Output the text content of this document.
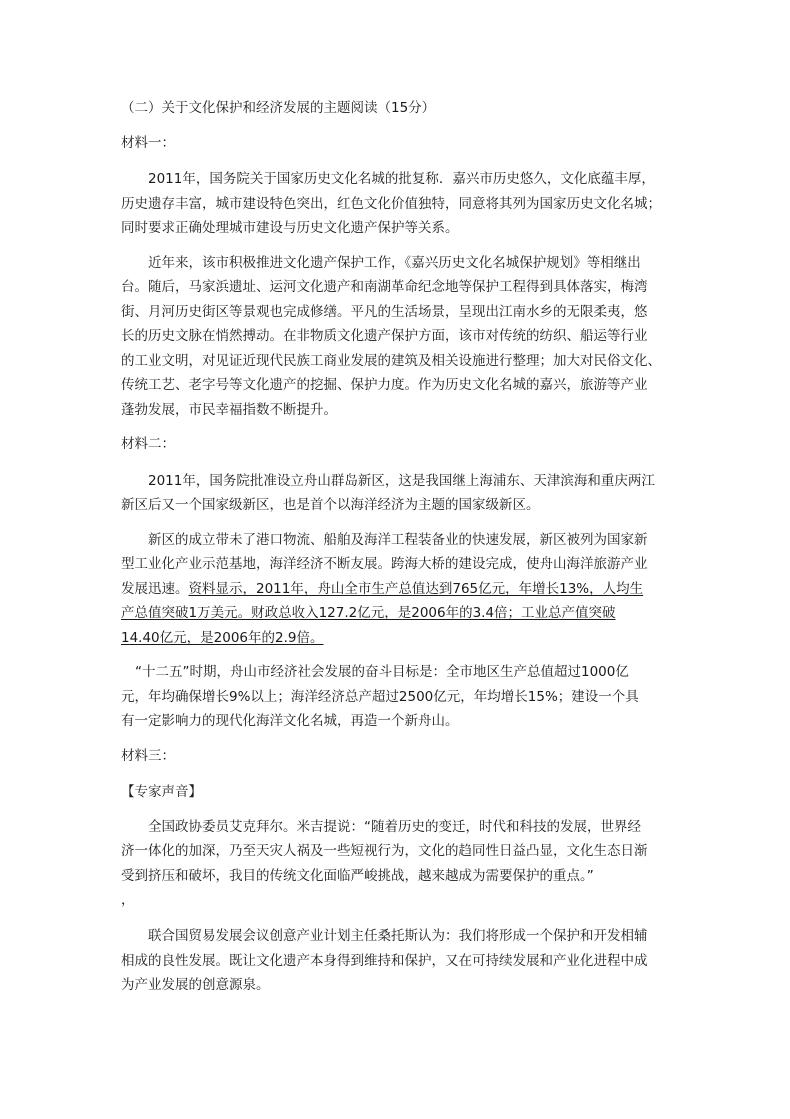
（二）关于文化保护和经济发展的主题阅读（15分）
材料一：
2011年，国务院关于国家历史文化名城的批复称．嘉兴市历史悠久，文化底蕴丰厚，
历史遗存丰富，城市建设特色突出，红色文化价值独特，同意将其列为国家历史文化名城；
同时要求正确处理城市建设与历史文化遗产保护等关系。
近年来，该市积极推进文化遗产保护工作，《嘉兴历史文化名城保护规划》等相继出
台。随后，马家浜遗址、运河文化遗产和南湖革命纪念地等保护工程得到具体落实，梅湾
街、月河历史街区等景观也完成修缮。平凡的生活场景，呈现出江南水乡的无限柔夷，悠
长的历史文脉在悄然搏动。在非物质文化遗产保护方面，该市对传统的纺织、船运等行业
的工业文明，对见证近现代民族工商业发展的建筑及相关设施进行整理；加大对民俗文化、
传统工艺、老字号等文化遗产的挖掘、保护力度。作为历史文化名城的嘉兴，旅游等产业
蓬勃发展，市民幸福指数不断提升。
材料二：
2011年，国务院批准设立舟山群岛新区，这是我国继上海浦东、天津滨海和重庆两江
新区后又一个国家级新区，也是首个以海洋经济为主题的国家级新区。
新区的成立带未了港口物流、船舶及海洋工程装备业的快速发展，新区被列为国家新
型工业化产业示范基地，海洋经济不断友展。跨海大桥的建设完成，使舟山海洋旅游产业
发展迅速。资料显示，2011年，舟山全市生产总值达到765亿元，年增长13%，人均生
产总值突破1万美元。财政总收入127.2亿元，是2006年的3.4倍；工业总产值突破
14.40亿元，是2006年的2.9倍。
“十二五”时期，舟山市经济社会发展的奋斗目标是：全市地区生产总值超过1000亿
元，年均确保增长9%以上；海洋经济总产超过2500亿元，年均增长15%；建设一个具
有一定影响力的现代化海洋文化名城，再造一个新舟山。
材料三：
【专家声音】
全国政协委员艾克拜尔。米吉提说：“随着历史的变迁，时代和科技的发展，世界经
济一体化的加深，乃至天灾人祸及一些短视行为，文化的趋同性日益凸显，文化生态日渐
受到挤压和破坏，我目的传统文化面临严峻挑战，越来越成为需要保护的重点。”
，
联合国贸易发展会议创意产业计划主任桑托斯认为：我们将形成一个保护和开发相辅
相成的良性发展。既让文化遗产本身得到维持和保护，又在可持续发展和产业化进程中成
为产业发展的创意源泉。
